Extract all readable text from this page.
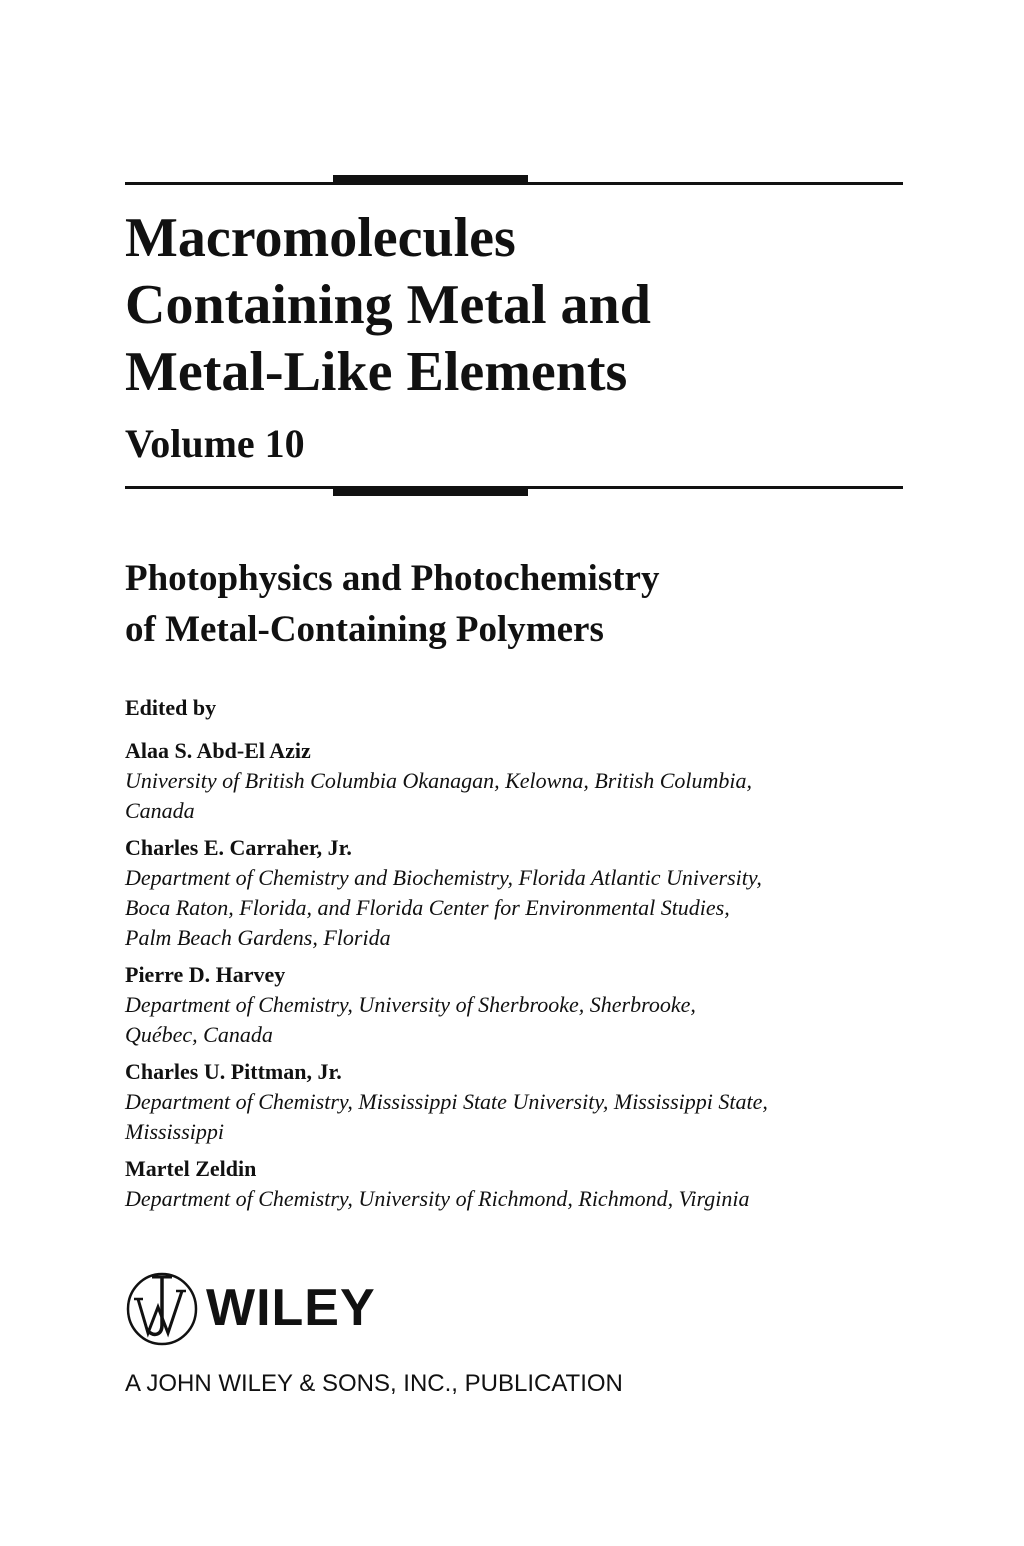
Macromolecules
Containing Metal and
Metal-Like Elements
Volume 10
Photophysics and Photochemistry
of Metal-Containing Polymers
Edited by
Alaa S. Abd-El Aziz
University of British Columbia Okanagan, Kelowna, British Columbia,
Canada
Charles E. Carraher, Jr.
Department of Chemistry and Biochemistry, Florida Atlantic University,
Boca Raton, Florida, and Florida Center for Environmental Studies,
Palm Beach Gardens, Florida
Pierre D. Harvey
Department of Chemistry, University of Sherbrooke, Sherbrooke,
Québec, Canada
Charles U. Pittman, Jr.
Department of Chemistry, Mississippi State University, Mississippi State,
Mississippi
Martel Zeldin
Department of Chemistry, University of Richmond, Richmond, Virginia
WILEY
A JOHN WILEY & SONS, INC., PUBLICATION
